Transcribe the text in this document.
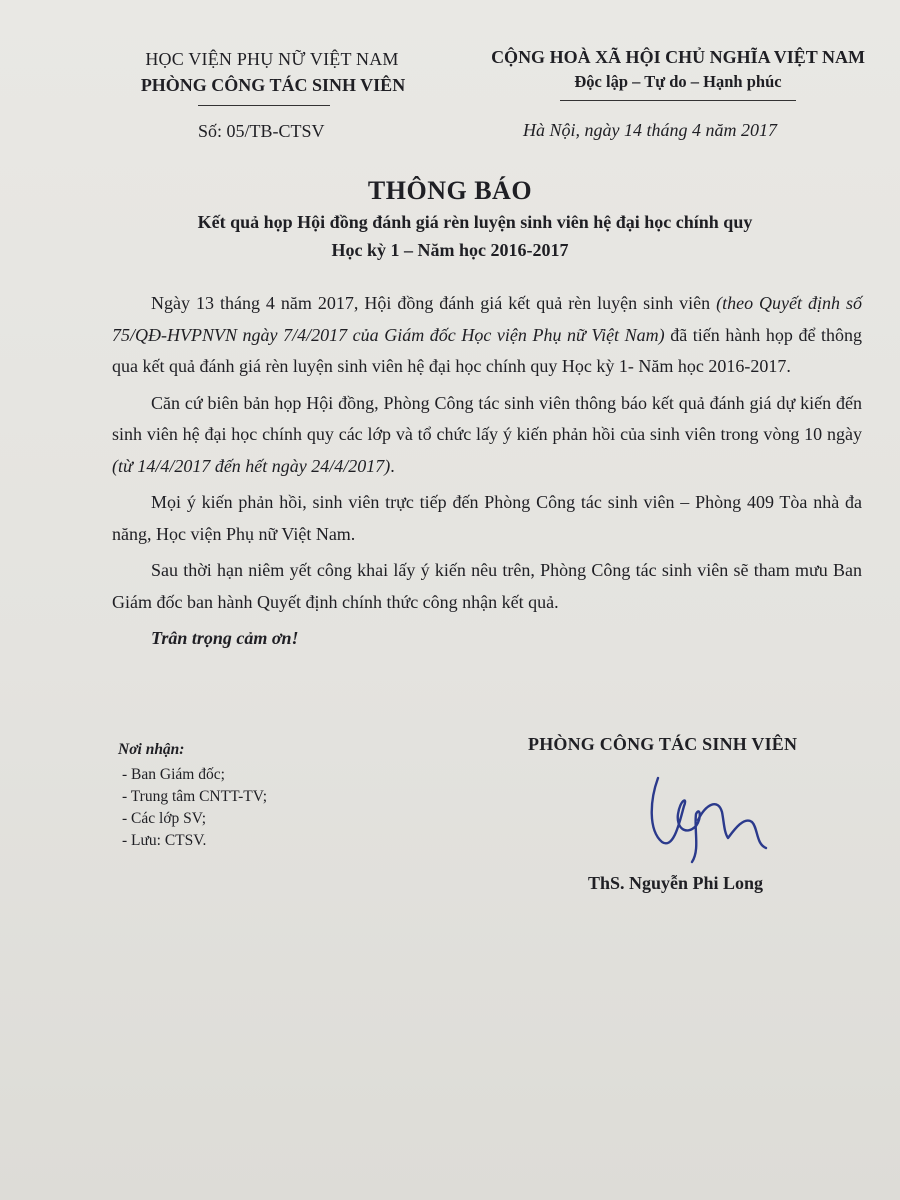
HỌC VIỆN PHỤ NỮ VIỆT NAM
PHÒNG CÔNG TÁC SINH VIÊN
CỘNG HOÀ XÃ HỘI CHỦ NGHĨA VIỆT NAM
Độc lập – Tự do – Hạnh phúc
Số: 05/TB-CTSV	Hà Nội, ngày 14 tháng 4 năm 2017
THÔNG BÁO
Kết quả họp Hội đồng đánh giá rèn luyện sinh viên hệ đại học chính quy
Học kỳ 1 – Năm học 2016-2017

Ngày 13 tháng 4 năm 2017, Hội đồng đánh giá kết quả rèn luyện sinh viên (theo Quyết định số 75/QĐ-HVPNVN ngày 7/4/2017 của Giám đốc Học viện Phụ nữ Việt Nam) đã tiến hành họp để thông qua kết quả đánh giá rèn luyện sinh viên hệ đại học chính quy Học kỳ 1- Năm học 2016-2017.

Căn cứ biên bản họp Hội đồng, Phòng Công tác sinh viên thông báo kết quả đánh giá dự kiến đến sinh viên hệ đại học chính quy các lớp và tổ chức lấy ý kiến phản hồi của sinh viên trong vòng 10 ngày (từ 14/4/2017 đến hết ngày 24/4/2017).

Mọi ý kiến phản hồi, sinh viên trực tiếp đến Phòng Công tác sinh viên – Phòng 409 Tòa nhà đa năng, Học viện Phụ nữ Việt Nam.

Sau thời hạn niêm yết công khai lấy ý kiến nêu trên, Phòng Công tác sinh viên sẽ tham mưu Ban Giám đốc ban hành Quyết định chính thức công nhận kết quả.

Trân trọng cảm ơn!

Nơi nhận:
- Ban Giám đốc;
- Trung tâm CNTT-TV;
- Các lớp SV;
- Lưu: CTSV.
PHÒNG CÔNG TÁC SINH VIÊN
ThS. Nguyễn Phi Long
